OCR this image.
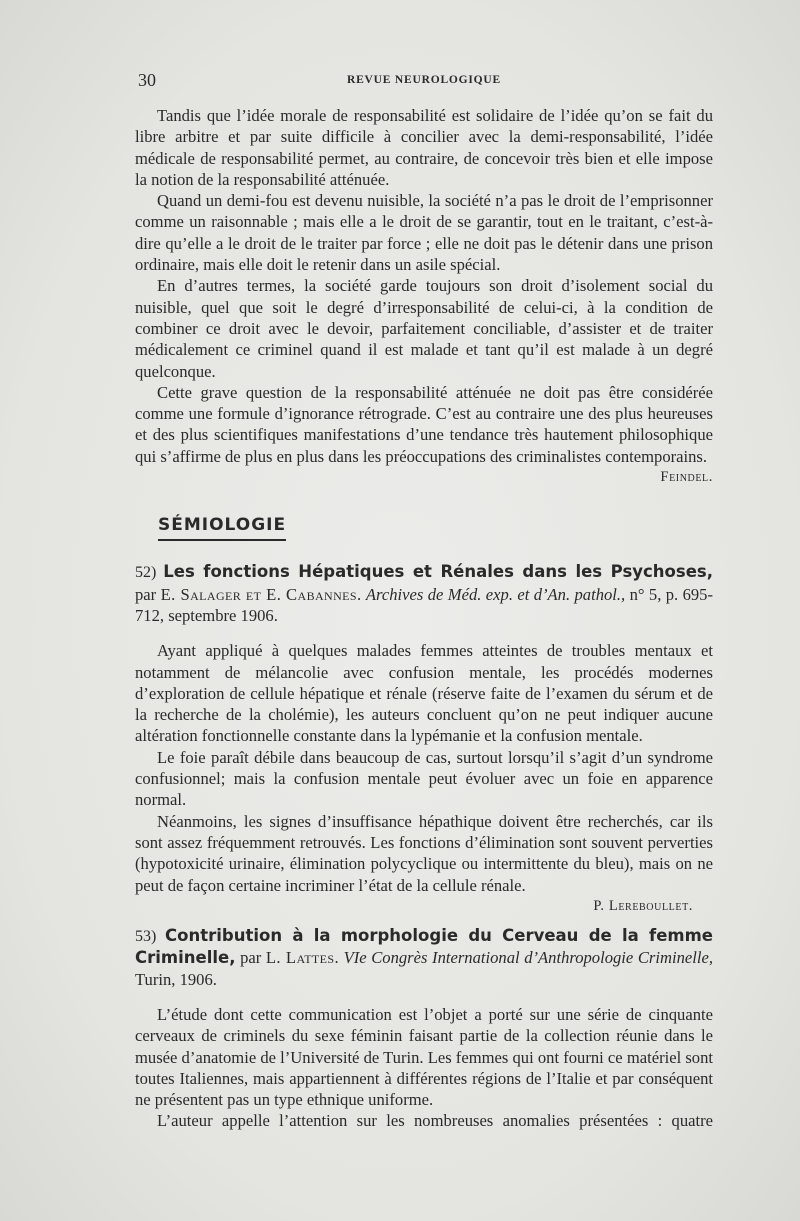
30	REVUE NEUROLOGIQUE

Tandis que l’idée morale de responsabilité est solidaire de l’idée qu’on se fait du libre arbitre et par suite difficile à concilier avec la demi-responsabilité, l’idée médicale de responsabilité permet, au contraire, de concevoir très bien et elle impose la notion de la responsabilité atténuée.

Quand un demi-fou est devenu nuisible, la société n’a pas le droit de l’emprisonner comme un raisonnable ; mais elle a le droit de se garantir, tout en le traitant, c’est-à-dire qu’elle a le droit de le traiter par force ; elle ne doit pas le détenir dans une prison ordinaire, mais elle doit le retenir dans un asile spécial.

En d’autres termes, la société garde toujours son droit d’isolement social du nuisible, quel que soit le degré d’irresponsabilité de celui-ci, à la condition de combiner ce droit avec le devoir, parfaitement conciliable, d’assister et de traiter médicalement ce criminel quand il est malade et tant qu’il est malade à un degré quelconque.

Cette grave question de la responsabilité atténuée ne doit pas être considérée comme une formule d’ignorance rétrograde. C’est au contraire une des plus heureuses et des plus scientifiques manifestations d’une tendance très hautement philosophique qui s’affirme de plus en plus dans les préoccupations des criminalistes contemporains.
Feindel.

SÉMIOLOGIE

52) Les fonctions Hépatiques et Rénales dans les Psychoses, par E. Salager et E. Cabannes. Archives de Méd. exp. et d’An. pathol., n° 5, p. 695-712, septembre 1906.

Ayant appliqué à quelques malades femmes atteintes de troubles mentaux et notamment de mélancolie avec confusion mentale, les procédés modernes d’exploration de cellule hépatique et rénale (réserve faite de l’examen du sérum et de la recherche de la cholémie), les auteurs concluent qu’on ne peut indiquer aucune altération fonctionnelle constante dans la lypémanie et la confusion mentale.

Le foie paraît débile dans beaucoup de cas, surtout lorsqu’il s’agit d’un syndrome confusionnel; mais la confusion mentale peut évoluer avec un foie en apparence normal.

Néanmoins, les signes d’insuffisance hépathique doivent être recherchés, car ils sont assez fréquemment retrouvés. Les fonctions d’élimination sont souvent perverties (hypotoxicité urinaire, élimination polycyclique ou intermittente du bleu), mais on ne peut de façon certaine incriminer l’état de la cellule rénale.

P. Lereboullet.

53) Contribution à la morphologie du Cerveau de la femme Criminelle, par L. Lattes. VIe Congrès International d’Anthropologie Criminelle, Turin, 1906.

L’étude dont cette communication est l’objet a porté sur une série de cinquante cerveaux de criminels du sexe féminin faisant partie de la collection réunie dans le musée d’anatomie de l’Université de Turin. Les femmes qui ont fourni ce matériel sont toutes Italiennes, mais appartiennent à différentes régions de l’Italie et par conséquent ne présentent pas un type ethnique uniforme.

L’auteur appelle l’attention sur les nombreuses anomalies présentées : quatre
